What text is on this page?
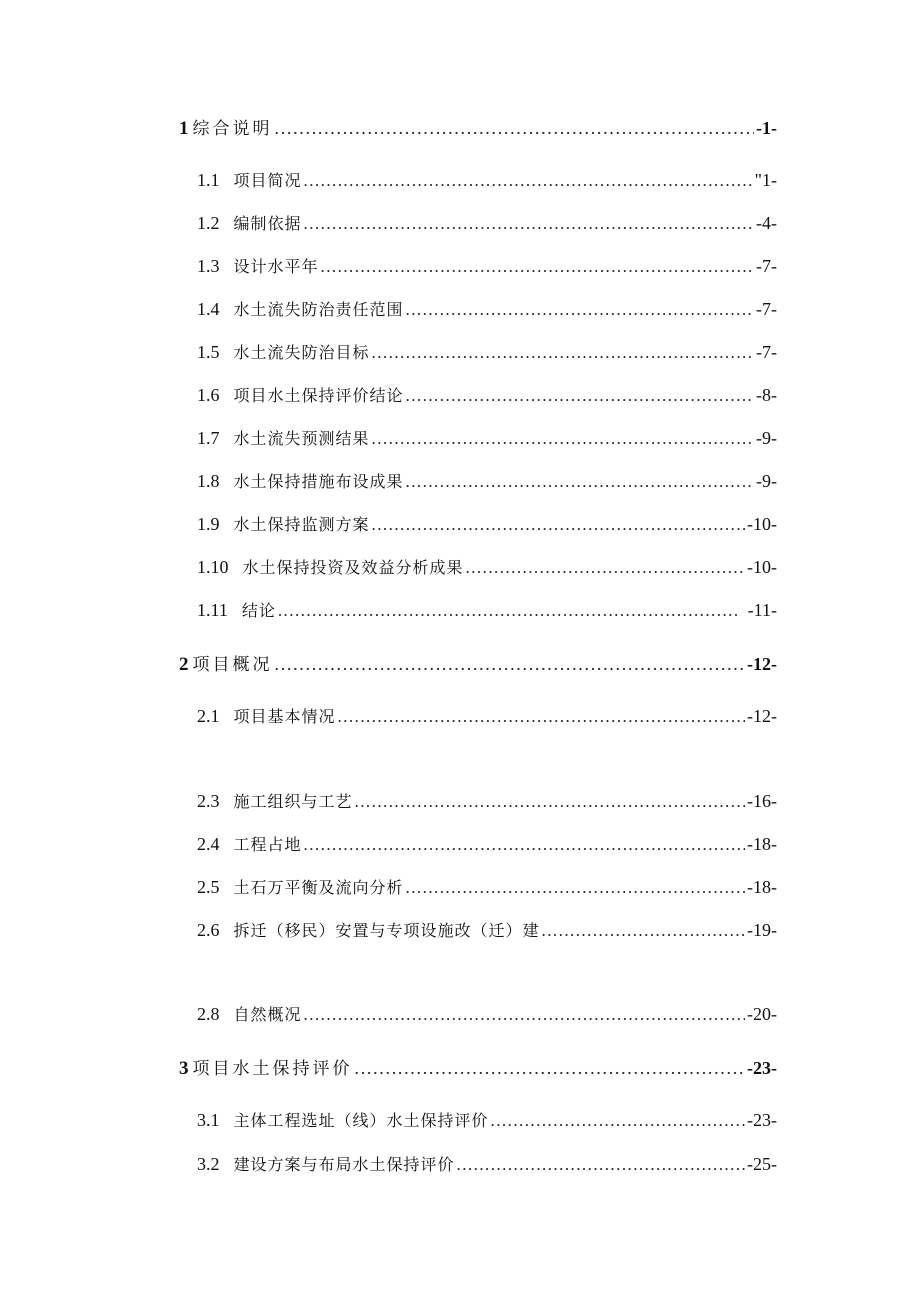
1 综合说明 . . .	-1-
1.1 项目简况 . . .	"1-
1.2 编制依据 . . .	-4-
1.3 设计水平年 . . .	-7-
1.4 水土流失防治责任范围 . . .	-7-
1.5 水土流失防治目标 . . .	-7-
1.6 项目水土保持评价结论 . . .	-8-
1.7 水土流失预测结果 . . .	-9-
1.8 水土保持措施布设成果 . . .	-9-
1.9 水土保持监测方案 . . .	-10-
1.10 水土保持投资及效益分析成果 . . .	-10-
1.11 结论 . . .	-11-
2 项目概况 . . .	-12-
2.1 项目基本情况 . . .	-12-
2.3 施工组织与工艺 . . .	-16-
2.4 工程占地 . . .	-18-
2.5 土石万平衡及流向分析 . . .	-18-
2.6 拆迁（移民）安置与专项设施改（迁）建 . . .	-19-
2.8 自然概况 . . .	-20-
3 项目水土保持评价 . . .	-23-
3.1 主体工程选址（线）水土保持评价 . . .	-23-
3.2 建设方案与布局水土保持评价 . . .	-25-
